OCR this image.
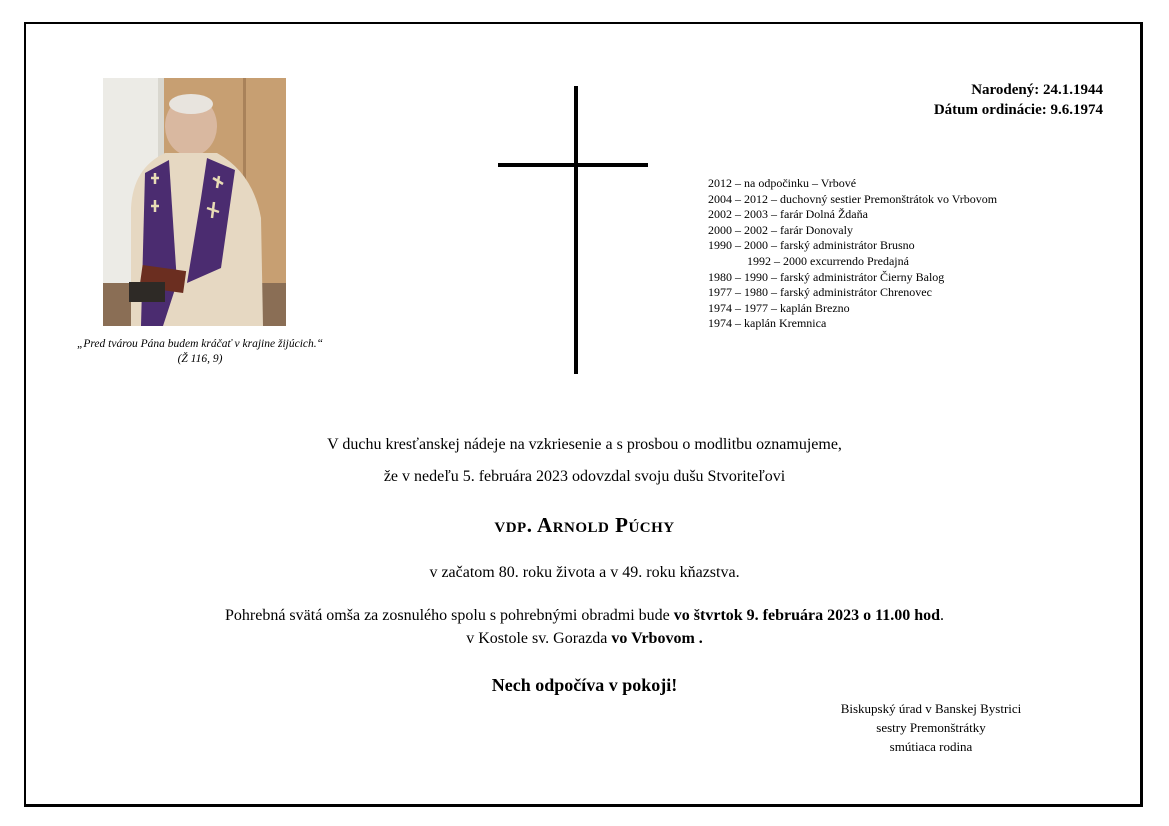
„Pred tvárou Pána budem kráčať v krajine žijúcich.“
(Ž 116, 9)
Narodený: 24.1.1944
Dátum ordinácie: 9.6.1974
2012 – na odpočinku – Vrbové
2004 – 2012 – duchovný sestier Premonštrátok vo Vrbovom
2002 – 2003 – farár Dolná Ždaňa
2000 – 2002 – farár Donovaly
1990 – 2000 – farský administrátor Brusno
1992 – 2000 excurrendo Predajná
1980 – 1990 – farský administrátor Čierny Balog
1977 – 1980 – farský administrátor Chrenovec
1974 – 1977 – kaplán Brezno
1974 – kaplán Kremnica
V duchu kresťanskej nádeje na vzkriesenie a s prosbou o modlitbu oznamujeme,
že v nedeľu 5. februára 2023 odovzdal svoju dušu Stvoriteľovi
vdp. Arnold Púchy
v začatom 80. roku života a v 49. roku kňazstva.
Pohrebná svätá omša za zosnulého spolu s pohrebnými obradmi bude vo štvrtok 9. februára 2023 o 11.00 hod.
v Kostole sv. Gorazda vo Vrbovom .
Nech odpočíva v pokoji!
Biskupský úrad v Banskej Bystrici
sestry Premonštrátky
smútiaca rodina
